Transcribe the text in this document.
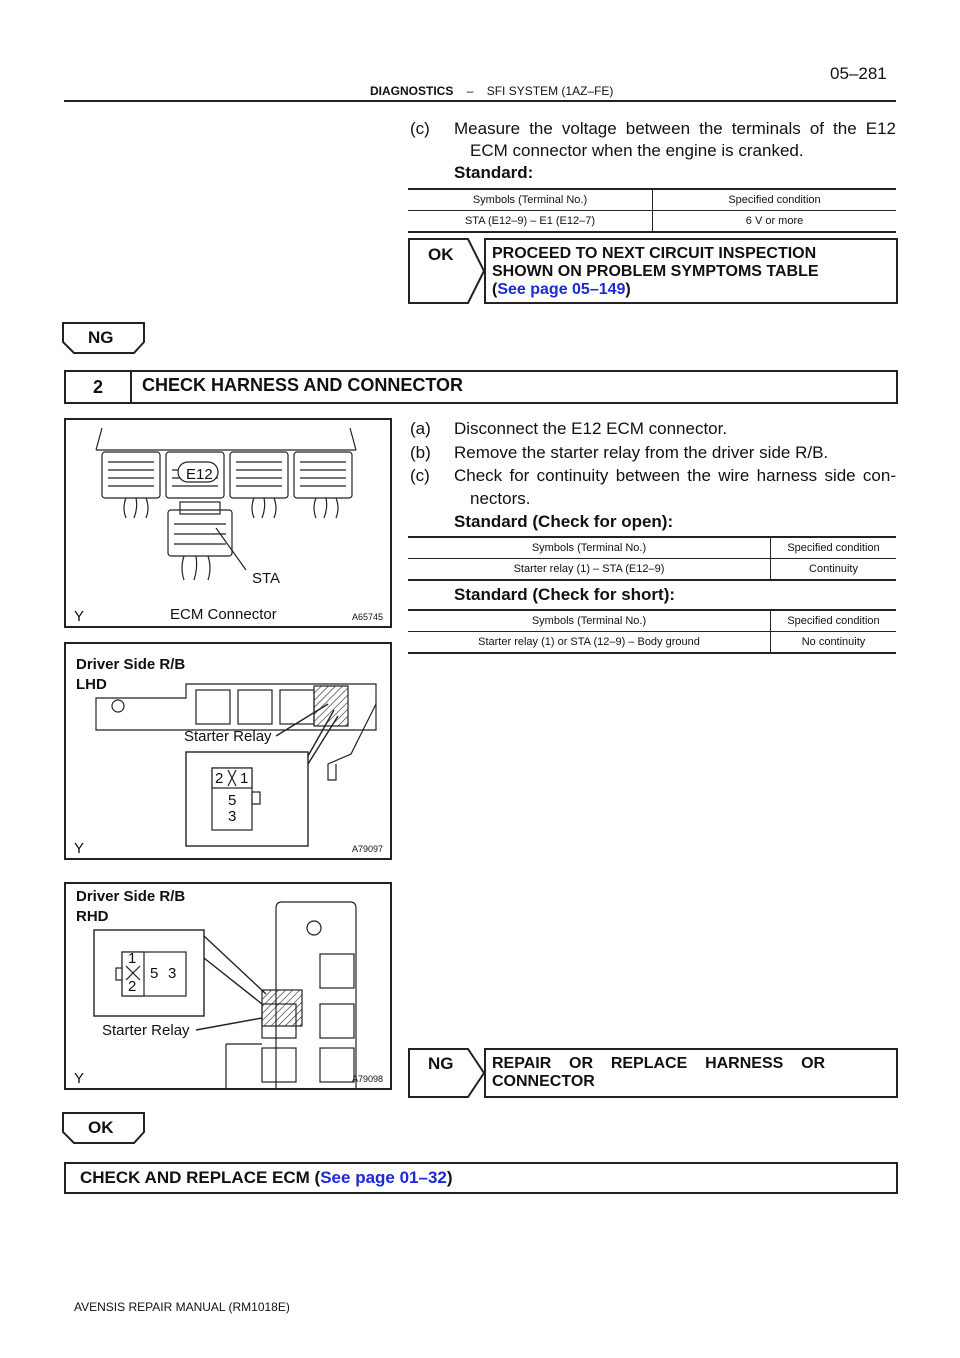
05–281
DIAGNOSTICS – SFI SYSTEM (1AZ–FE)
(c) Measure the voltage between the terminals of the E12
ECM connector when the engine is cranked.
Standard:
Symbols (Terminal No.)	Specified condition
STA (E12–9) – E1 (E12–7)	6 V or more
OK PROCEED TO NEXT CIRCUIT INSPECTION
SHOWN ON PROBLEM SYMPTOMS TABLE
(See page 05–149)
NG
2	CHECK HARNESS AND CONNECTOR
(a) Disconnect the E12 ECM connector.
(b) Remove the starter relay from the driver side R/B.
(c) Check for continuity between the wire harness side con-
nectors.
Standard (Check for open):
Symbols (Terminal No.)	Specified condition
Starter relay (1) – STA (E12–9)	Continuity
Standard (Check for short):
Symbols (Terminal No.)	Specified condition
Starter relay (1) or STA (12–9) – Body ground	No continuity
E12
STA
ECM Connector
Y	A65745
Driver Side R/B
LHD
Starter Relay
2 1
5
3
Y	A79097
Driver Side R/B
RHD
1
2
5 3
Starter Relay
Y	A79098
NG REPAIR    OR    REPLACE    HARNESS    OR
CONNECTOR
OK
CHECK AND REPLACE ECM (See page 01–32)
AVENSIS REPAIR MANUAL (RM1018E)
